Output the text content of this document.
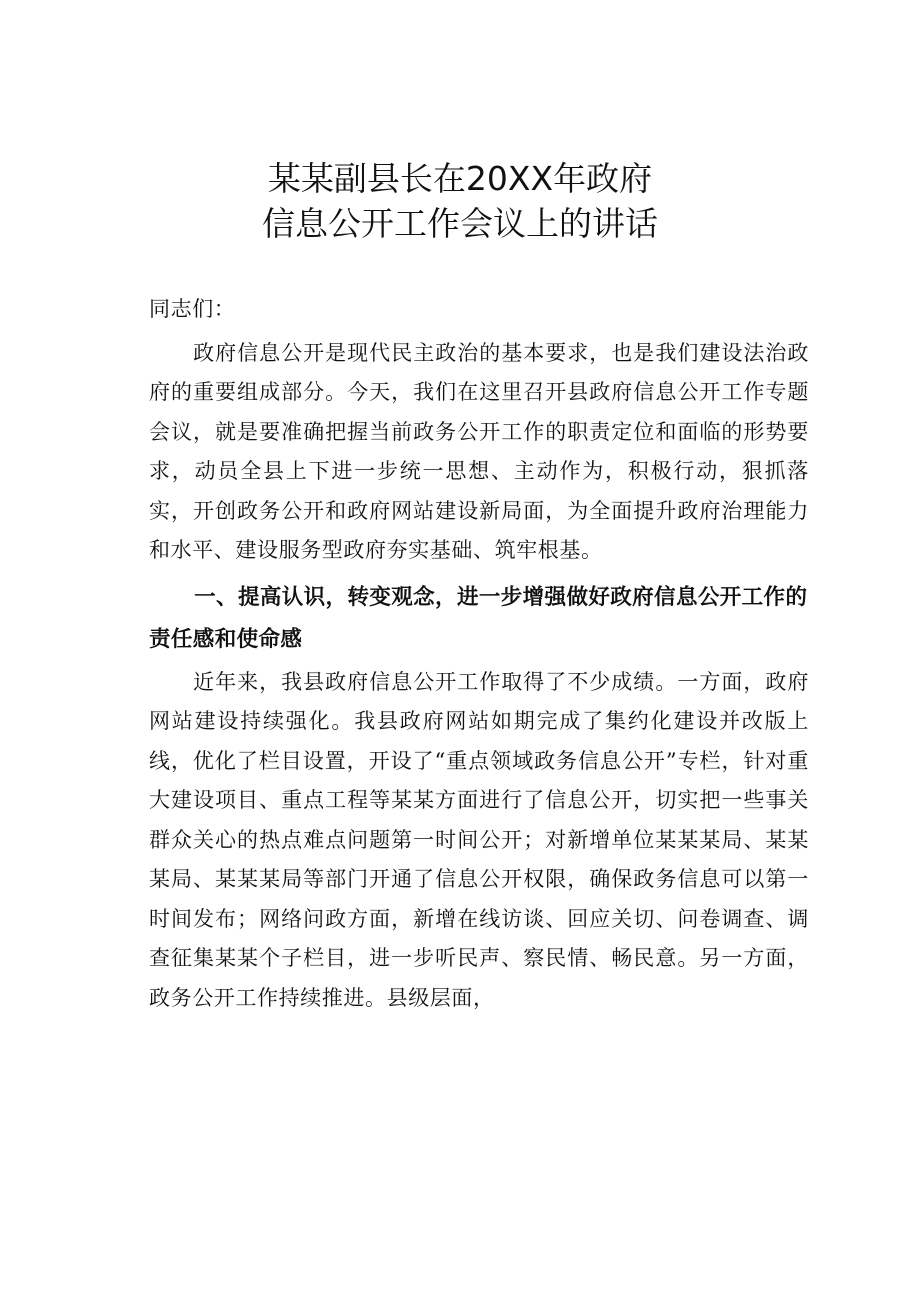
某某副县长在20XX年政府
信息公开工作会议上的讲话

同志们：

政府信息公开是现代民主政治的基本要求，也是我们建设法治政府的重要组成部分。今天，我们在这里召开县政府信息公开工作专题会议，就是要准确把握当前政务公开工作的职责定位和面临的形势要求，动员全县上下进一步统一思想、主动作为，积极行动，狠抓落实，开创政务公开和政府网站建设新局面，为全面提升政府治理能力和水平、建设服务型政府夯实基础、筑牢根基。

一、提高认识，转变观念，进一步增强做好政府信息公开工作的责任感和使命感

近年来，我县政府信息公开工作取得了不少成绩。一方面，政府网站建设持续强化。我县政府网站如期完成了集约化建设并改版上线，优化了栏目设置，开设了“重点领域政务信息公开”专栏，针对重大建设项目、重点工程等某某方面进行了信息公开，切实把一些事关群众关心的热点难点问题第一时间公开；对新增单位某某某局、某某某局、某某某局等部门开通了信息公开权限，确保政务信息可以第一时间发布；网络问政方面，新增在线访谈、回应关切、问卷调查、调查征集某某个子栏目，进一步听民声、察民情、畅民意。另一方面，政务公开工作持续推进。县级层面，
